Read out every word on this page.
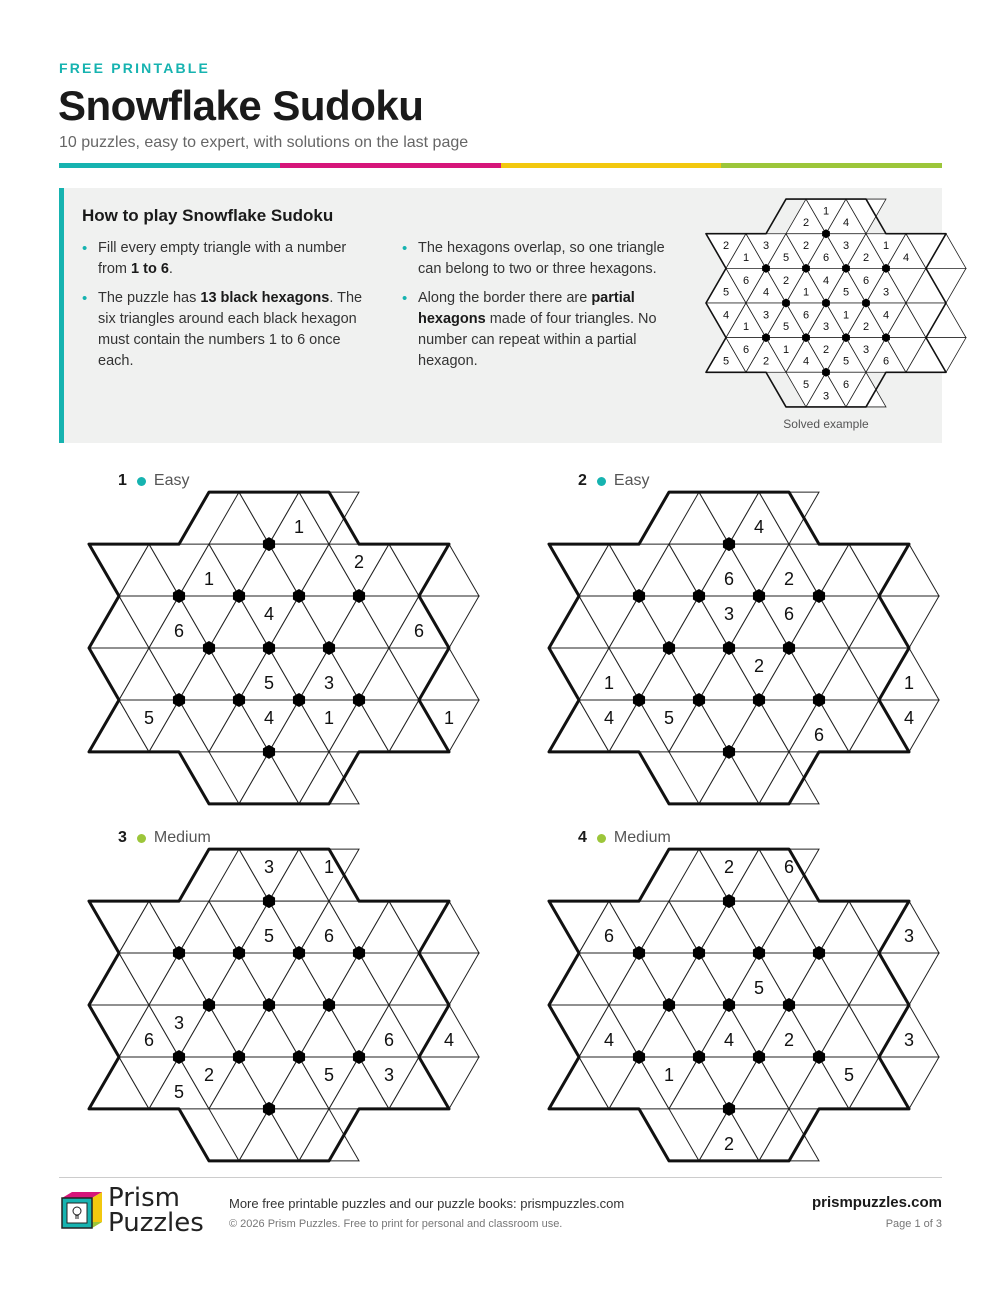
FREE PRINTABLE
Snowflake Sudoku
10 puzzles, easy to expert, with solutions on the last page
How to play Snowflake Sudoku
• Fill every empty triangle with a number from 1 to 6.
• The puzzle has 13 black hexagons. The six triangles around each black hexagon must contain the numbers 1 to 6 once each.
• The hexagons overlap, so one triangle can belong to two or three hexagons.
• Along the border there are partial hexagons made of four triangles. No number can repeat within a partial hexagon.
2
1
4
2
1
3
5
2
6
3
2
1
4
5
6
4
2
1
4
5
6
3
4
1
3
5
6
3
1
2
4
5
6
2
1
4
2
5
3
6
5
3
6
Solved example
1 Easy
1
1
2
6
4
6
5	3
5	4	1	1
2 Easy
4
6	2
3	6
1
2
1
4	5
6
4
3 Medium
3	1
5	6
3
6
6	4
2
5
5	3
4 Medium
2	6
6	3
5
4	2
4	3
1	5
2
Prism
Puzzles
More free printable puzzles and our puzzle books: prismpuzzles.com
© 2026 Prism Puzzles. Free to print for personal and classroom use.
prismpuzzles.com
Page 1 of 3
